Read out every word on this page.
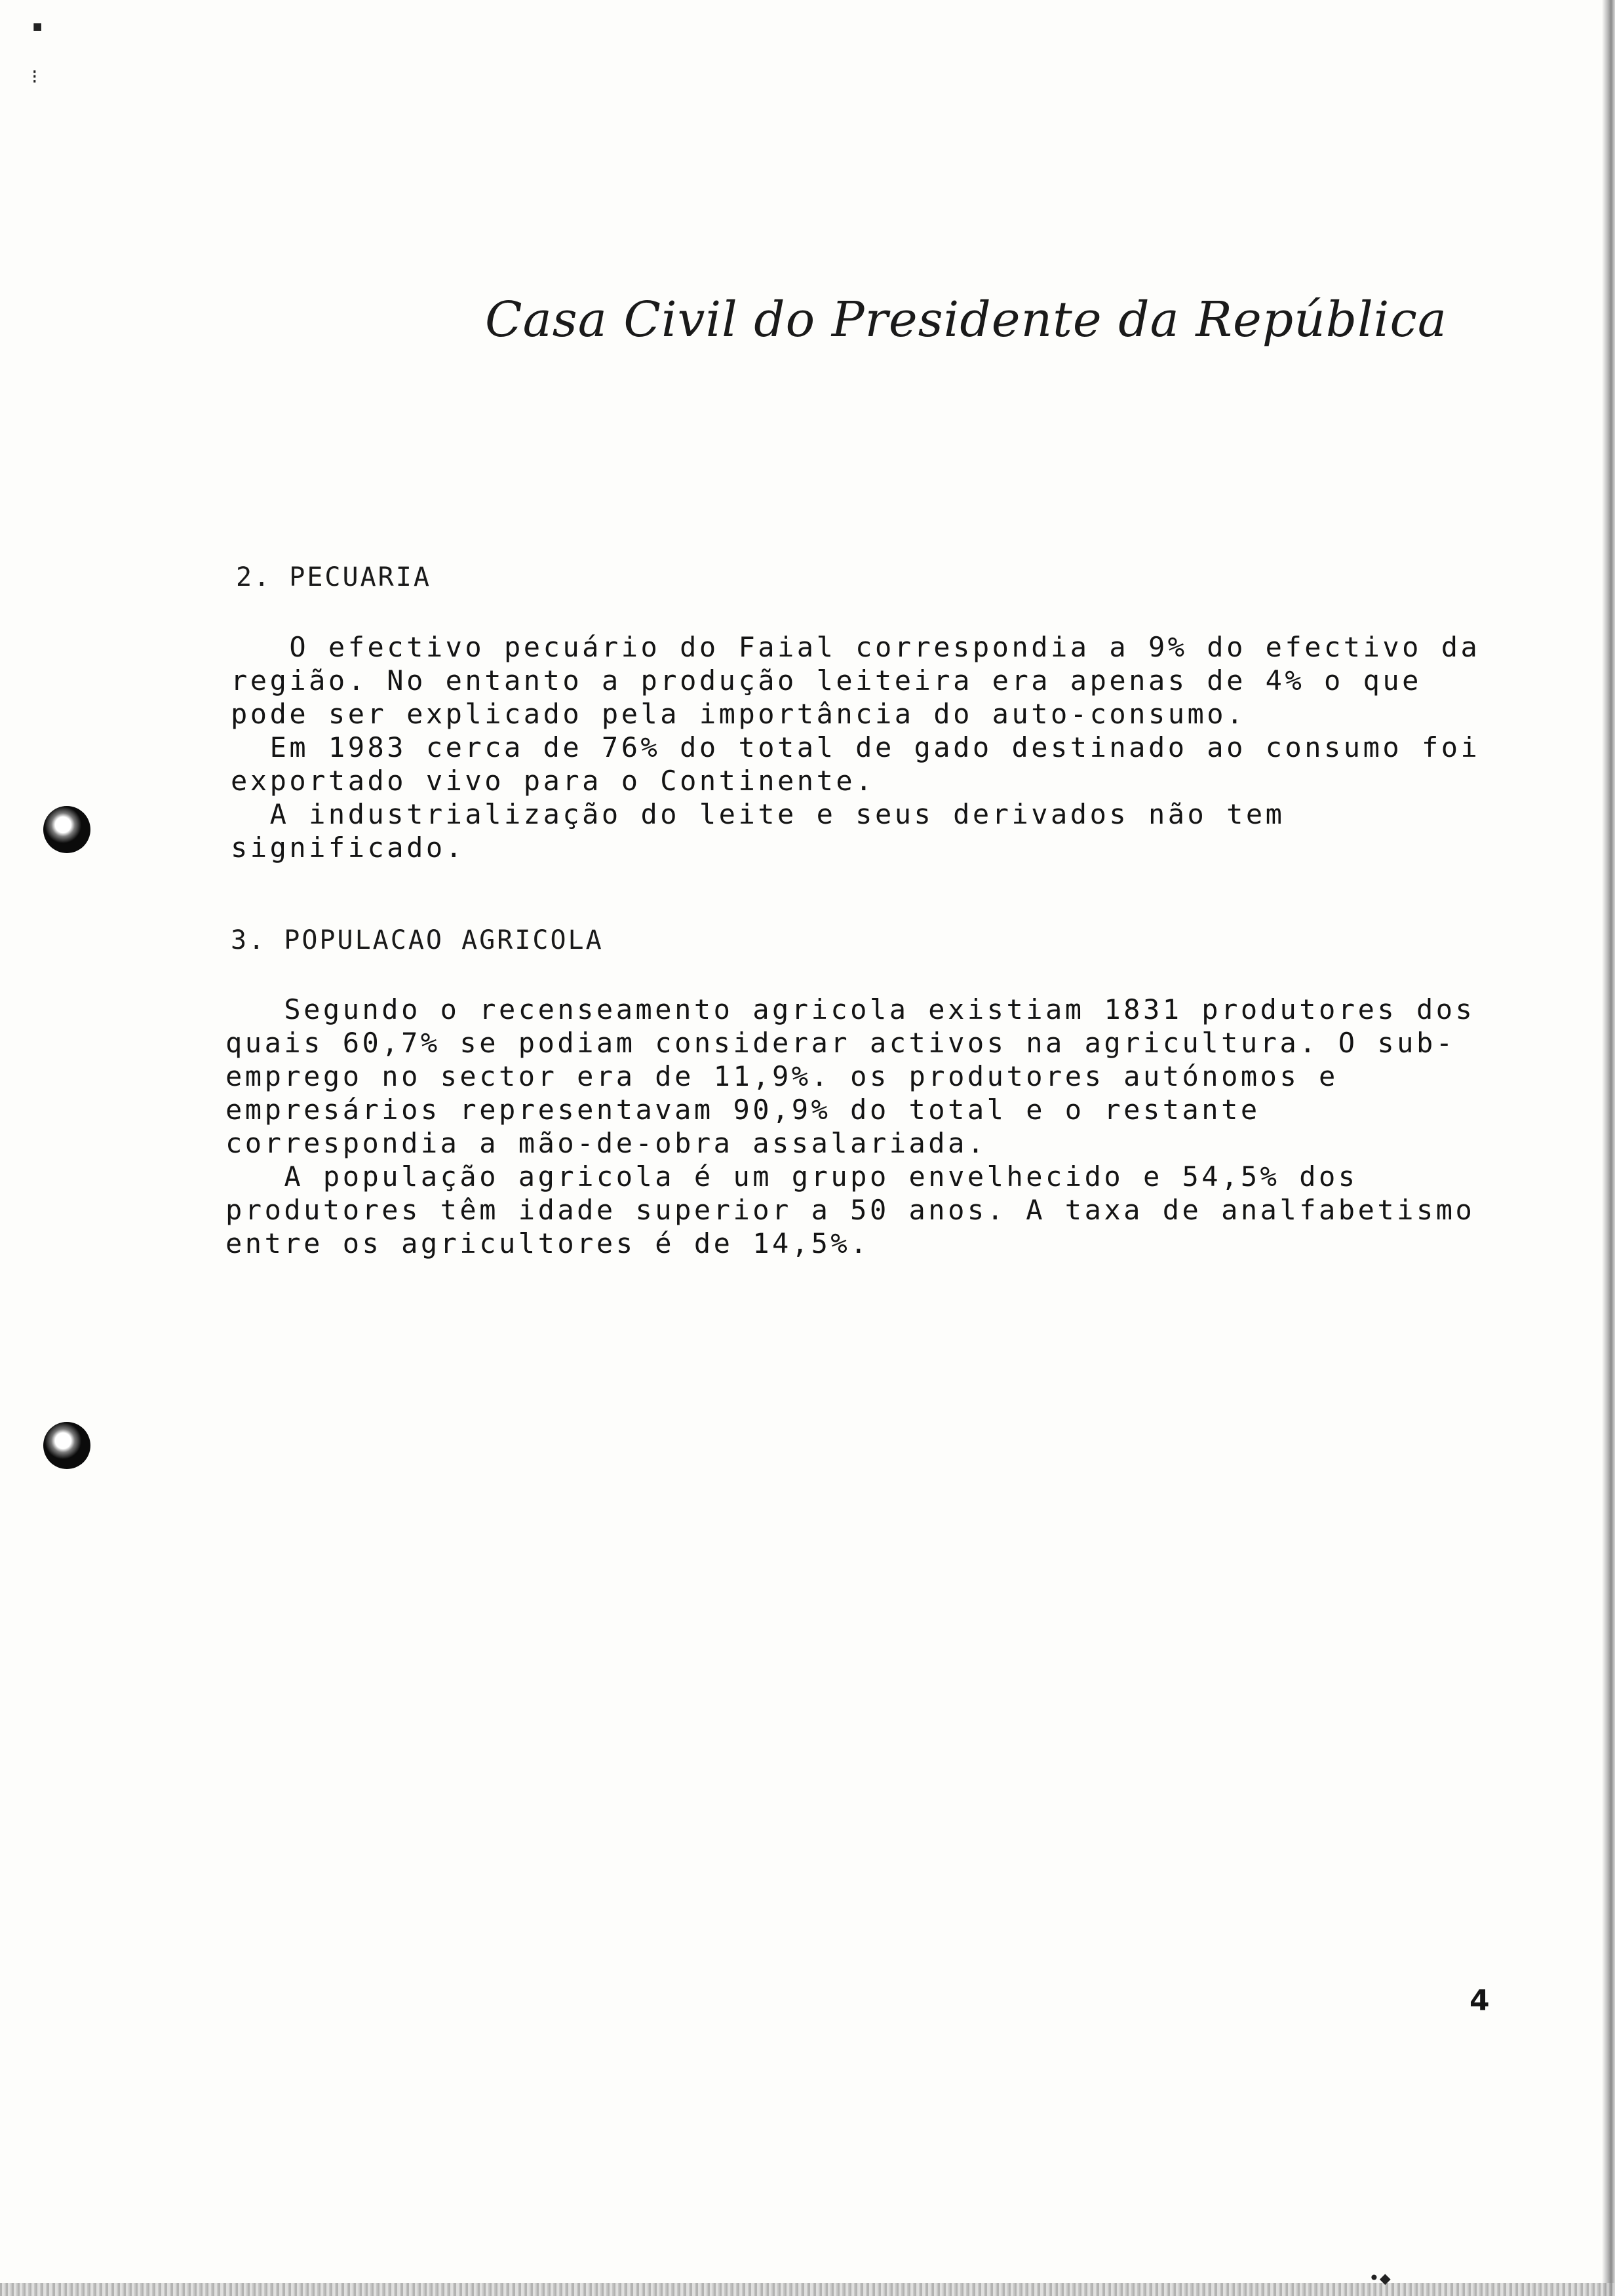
▪
⁝
Casa Civil do Presidente da República
2. PECUARIA
O efectivo pecuário do Faial correspondia a 9% do efectivo da
região. No entanto a produção leiteira era apenas de 4% o que
pode ser explicado pela importância do auto-consumo.
Em 1983 cerca de 76% do total de gado destinado ao consumo foi
exportado vivo para o Continente.
A industrialização do leite e seus derivados não tem
significado.
3. POPULACAO AGRICOLA
Segundo o recenseamento agricola existiam 1831 produtores dos
quais 60,7% se podiam considerar activos na agricultura. O sub-
emprego no sector era de 11,9%. os produtores autónomos e
empresários representavam 90,9% do total e o restante
correspondia a mão-de-obra assalariada.
A população agricola é um grupo envelhecido e 54,5% dos
produtores têm idade superior a 50 anos. A taxa de analfabetismo
entre os agricultores é de 14,5%.
4
•◆
